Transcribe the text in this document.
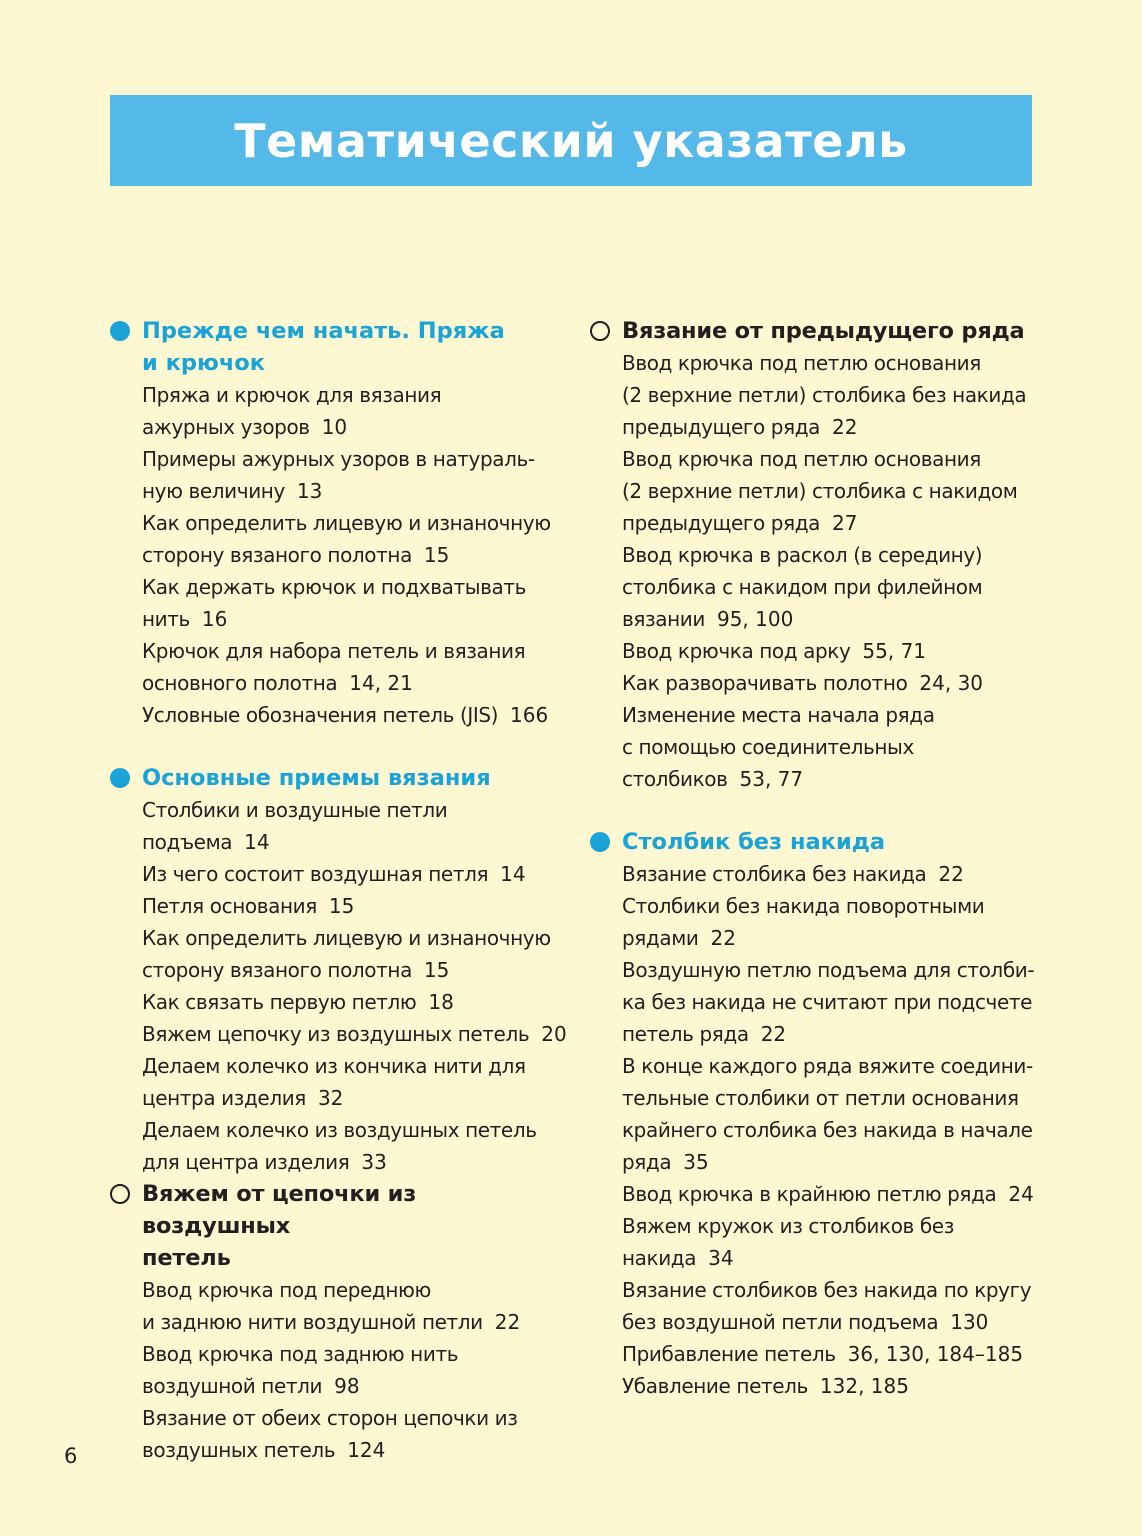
Тематический указатель
Прежде чем начать. Пряжа
и крючок
Пряжа и крючок для вязания
ажурных узоров 10
Примеры ажурных узоров в натураль-
ную величину 13
Как определить лицевую и изнаночную
сторону вязаного полотна 15
Как держать крючок и подхватывать
нить 16
Крючок для набора петель и вязания
основного полотна 14, 21
Условные обозначения петель (JIS) 166
Основные приемы вязания
Столбики и воздушные петли
подъема 14
Из чего состоит воздушная петля 14
Петля основания 15
Как определить лицевую и изнаночную
сторону вязаного полотна 15
Как связать первую петлю 18
Вяжем цепочку из воздушных петель 20
Делаем колечко из кончика нити для
центра изделия 32
Делаем колечко из воздушных петель
для центра изделия 33
Вяжем от цепочки из воздушных
петель
Ввод крючка под переднюю
и заднюю нити воздушной петли 22
Ввод крючка под заднюю нить
воздушной петли 98
Вязание от обеих сторон цепочки из
воздушных петель 124
Вязание от предыдущего ряда
Ввод крючка под петлю основания
(2 верхние петли) столбика без накида
предыдущего ряда 22
Ввод крючка под петлю основания
(2 верхние петли) столбика с накидом
предыдущего ряда 27
Ввод крючка в раскол (в середину)
столбика с накидом при филейном
вязании 95, 100
Ввод крючка под арку 55, 71
Как разворачивать полотно 24, 30
Изменение места начала ряда
с помощью соединительных
столбиков 53, 77
Столбик без накида
Вязание столбика без накида 22
Столбики без накида поворотными
рядами 22
Воздушную петлю подъема для столби-
ка без накида не считают при подсчете
петель ряда 22
В конце каждого ряда вяжите соедини-
тельные столбики от петли основания
крайнего столбика без накида в начале
ряда 35
Ввод крючка в крайнюю петлю ряда 24
Вяжем кружок из столбиков без
накида 34
Вязание столбиков без накида по кругу
без воздушной петли подъема 130
Прибавление петель 36, 130, 184–185
Убавление петель 132, 185
6
